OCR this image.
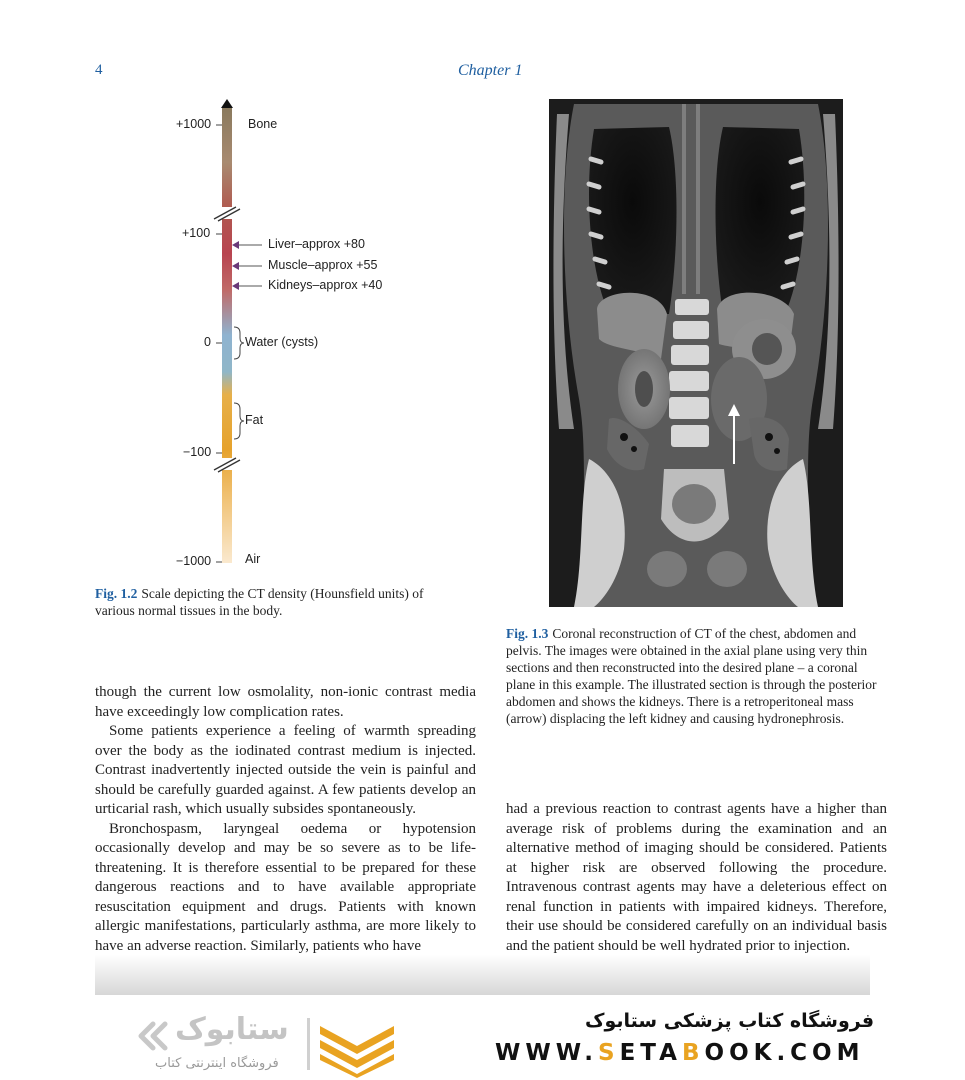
4	Chapter 1
+1000
+100
0
−100
−1000
Bone
Liver–approx +80
Muscle–approx +55
Kidneys–approx +40
Water (cysts)
Fat
Air
Fig. 1.2 Scale depicting the CT density (Hounsfield units) of various normal tissues in the body.
Fig. 1.3 Coronal reconstruction of CT of the chest, abdomen and pelvis. The images were obtained in the axial plane using very thin sections and then reconstructed into the desired plane – a coronal plane in this example. The illustrated section is through the posterior abdomen and shows the kidneys. There is a retroperitoneal mass (arrow) displacing the left kidney and causing hydronephrosis.

though the current low osmolality, non-ionic contrast media have exceedingly low complication rates.

Some patients experience a feeling of warmth spreading over the body as the iodinated contrast medium is injected. Contrast inadvertently injected outside the vein is painful and should be carefully guarded against. A few patients develop an urticarial rash, which usually subsides spontaneously.

Bronchospasm, laryngeal oedema or hypotension occasionally develop and may be so severe as to be life-threatening. It is therefore essential to be prepared for these dangerous reactions and to have available appropriate resuscitation equipment and drugs. Patients with known allergic manifestations, particularly asthma, are more likely to have an adverse reaction. Similarly, patients who have

had a previous reaction to contrast agents have a higher than average risk of problems during the examination and an alternative method of imaging should be considered. Patients at higher risk are observed following the procedure. Intravenous contrast agents may have a deleterious effect on renal function in patients with impaired kidneys. Therefore, their use should be considered carefully on an individual basis and the patient should be well hydrated prior to injection.

ستابوک
فروشگاه اینترنتی کتاب
فروشگاه کتاب پزشکی ستابوک
WWW.SETABOOK.COM
